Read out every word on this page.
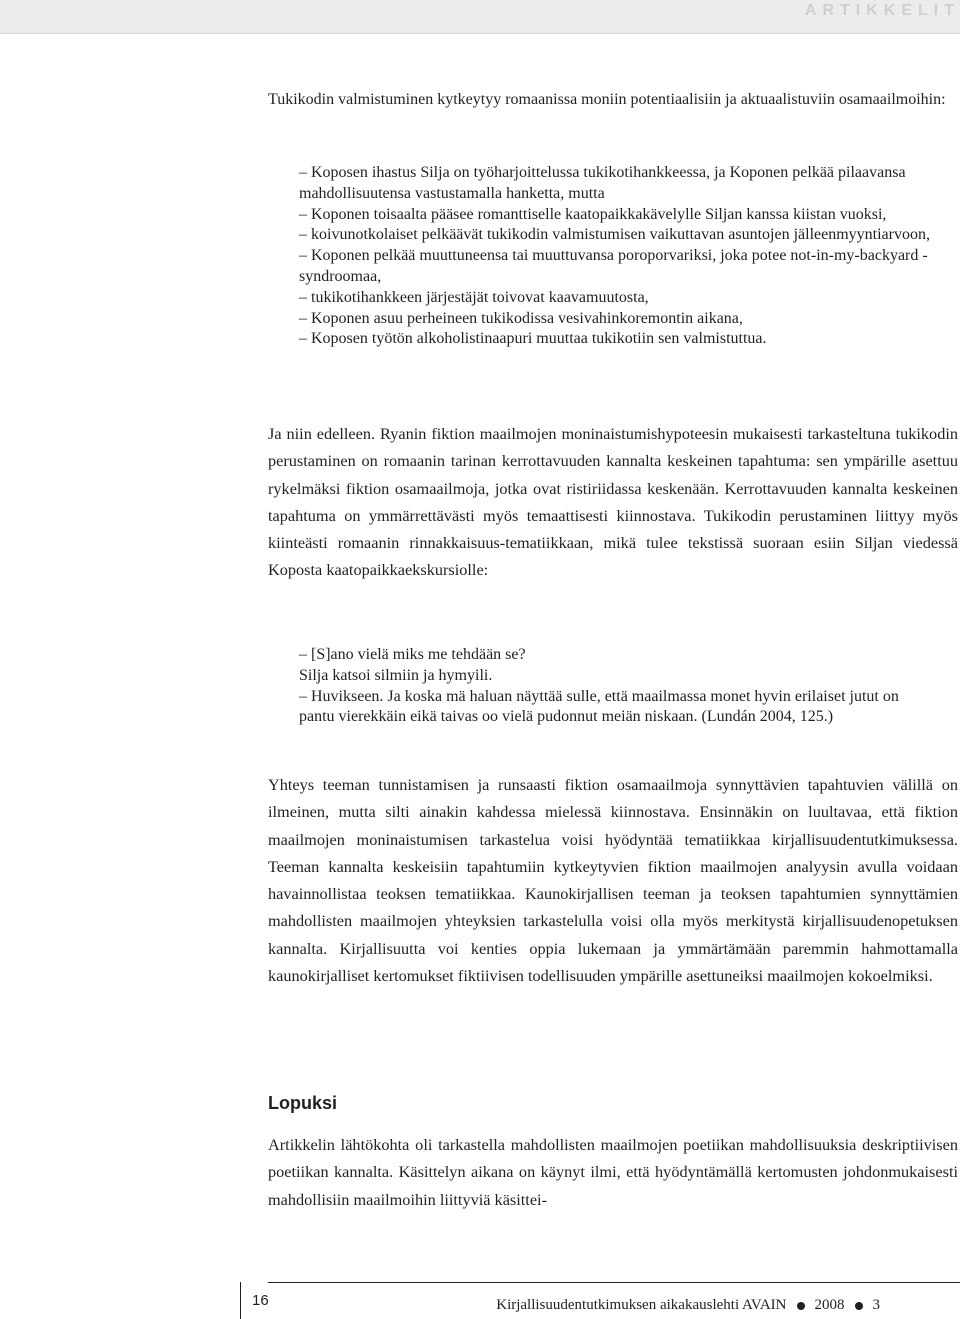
ARTIKKELIT

Tukikodin valmistuminen kytkeytyy romaanissa moniin potentiaalisiin ja aktuaalistuviin osamaailmoihin:

– Koposen ihastus Silja on työharjoittelussa tukikotihankkeessa, ja Koponen pelkää pilaavansa mahdollisuutensa vastustamalla hanketta, mutta
– Koponen toisaalta pääsee romanttiselle kaatopaikkakävelylle Siljan kanssa kiistan vuoksi,
– koivunotkolaiset pelkäävät tukikodin valmistumisen vaikuttavan asuntojen jälleenmyyntiarvoon,
– Koponen pelkää muuttuneensa tai muuttuvansa poroporvariksi, joka potee not-in-my-backyard -syndroomaa,
– tukikotihankkeen järjestäjät toivovat kaavamuutosta,
– Koponen asuu perheineen tukikodissa vesivahinkoremontin aikana,
– Koposen työtön alkoholistinaapuri muuttaa tukikotiin sen valmistuttua.

Ja niin edelleen. Ryanin fiktion maailmojen moninaistumishypoteesin mukaisesti tarkasteltuna tukikodin perustaminen on romaanin tarinan kerrottavuuden kannalta keskeinen tapahtuma: sen ympärille asettuu rykelmäksi fiktion osamaailmoja, jotka ovat ristiriidassa keskenään. Kerrottavuuden kannalta keskeinen tapahtuma on ymmärrettävästi myös temaattisesti kiinnostava. Tukikodin perustaminen liittyy myös kiinteästi romaanin rinnakkaisuus-tematiikkaan, mikä tulee tekstissä suoraan esiin Siljan viedessä Koposta kaatopaikkaekskursiolle:

– [S]ano vielä miks me tehdään se?
Silja katsoi silmiin ja hymyili.
– Huvikseen. Ja koska mä haluan näyttää sulle, että maailmassa monet hyvin erilaiset jutut on pantu vierekkäin eikä taivas oo vielä pudonnut meiän niskaan. (Lundán 2004, 125.)

Yhteys teeman tunnistamisen ja runsaasti fiktion osamaailmoja synnyttävien tapahtuvien välillä on ilmeinen, mutta silti ainakin kahdessa mielessä kiinnostava. Ensinnäkin on luultavaa, että fiktion maailmojen moninaistumisen tarkastelua voisi hyödyntää tematiikkaa kirjallisuudentutkimuksessa. Teeman kannalta keskeisiin tapahtumiin kytkeytyvien fiktion maailmojen analyysin avulla voidaan havainnollistaa teoksen tematiikkaa. Kaunokirjallisen teeman ja teoksen tapahtumien synnyttämien mahdollisten maailmojen yhteyksien tarkastelulla voisi olla myös merkitystä kirjallisuudenopetuksen kannalta. Kirjallisuutta voi kenties oppia lukemaan ja ymmärtämään paremmin hahmottamalla kaunokirjalliset kertomukset fiktiivisen todellisuuden ympärille asettuneiksi maailmojen kokoelmiksi.

Lopuksi

Artikkelin lähtökohta oli tarkastella mahdollisten maailmojen poetiikan mahdollisuuksia deskriptiivisen poetiikan kannalta. Käsittelyn aikana on käynyt ilmi, että hyödyntämällä kertomusten johdonmukaisesti mahdollisiin maailmoihin liittyviä käsittei-

16	Kirjallisuudentutkimuksen aikakauslehti AVAIN 2008 3
